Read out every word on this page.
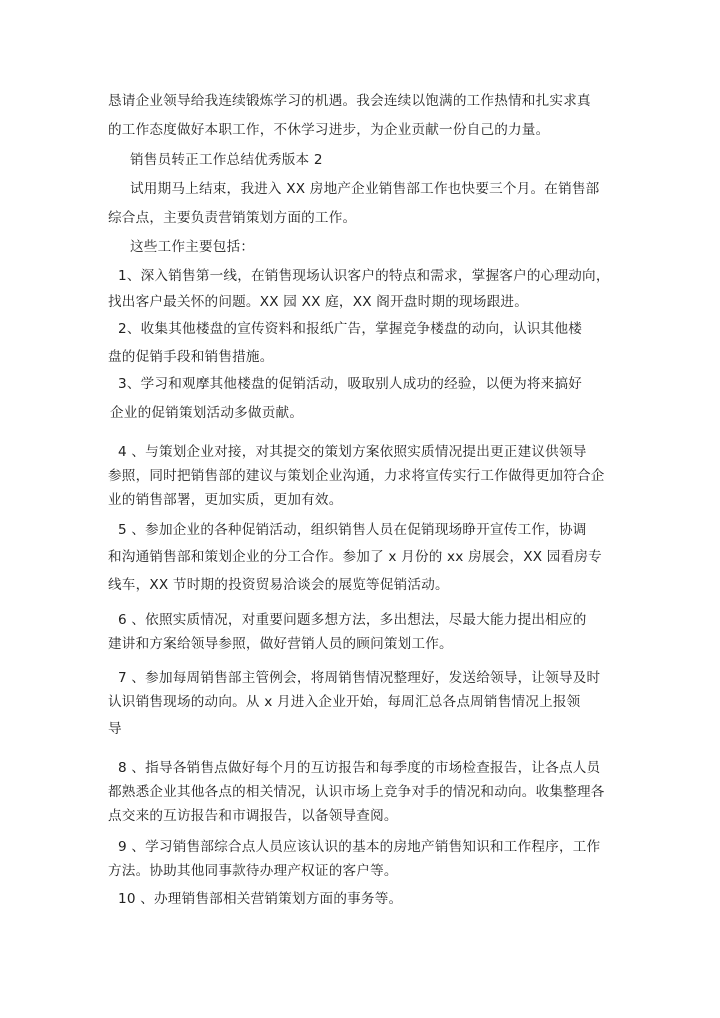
恳请企业领导给我连续锻炼学习的机遇。我会连续以饱满的工作热情和扎实求真
的工作态度做好本职工作，不休学习进步，为企业贡献一份自己的力量。
销售员转正工作总结优秀版本 2
试用期马上结束，我进入 XX 房地产企业销售部工作也快要三个月。在销售部
综合点，主要负责营销策划方面的工作。
这些工作主要包括：
1、深入销售第一线，在销售现场认识客户的特点和需求，掌握客户的心理动向，
找出客户最关怀的问题。XX 园 XX 庭，XX 阁开盘时期的现场跟进。
2、收集其他楼盘的宣传资料和报纸广告，掌握竞争楼盘的动向，认识其他楼
盘的促销手段和销售措施。
3、学习和观摩其他楼盘的促销活动，吸取别人成功的经验，以便为将来搞好
企业的促销策划活动多做贡献。
4 、与策划企业对接，对其提交的策划方案依照实质情况提出更正建议供领导
参照，同时把销售部的建议与策划企业沟通，力求将宣传实行工作做得更加符合企
业的销售部署，更加实质，更加有效。
5 、参加企业的各种促销活动，组织销售人员在促销现场睁开宣传工作，协调
和沟通销售部和策划企业的分工合作。参加了 x 月份的 xx 房展会，XX 园看房专
线车，XX 节时期的投资贸易洽谈会的展览等促销活动。
6 、依照实质情况，对重要问题多想方法，多出想法，尽最大能力提出相应的
建讲和方案给领导参照，做好营销人员的顾问策划工作。
7 、参加每周销售部主管例会，将周销售情况整理好，发送给领导，让领导及时
认识销售现场的动向。从 x 月进入企业开始，每周汇总各点周销售情况上报领
导
8 、指导各销售点做好每个月的互访报告和每季度的市场检查报告，让各点人员
都熟悉企业其他各点的相关情况，认识市场上竞争对手的情况和动向。收集整理各
点交来的互访报告和市调报告，以备领导查阅。
9 、学习销售部综合点人员应该认识的基本的房地产销售知识和工作程序，工作
方法。协助其他同事款待办理产权证的客户等。
10 、办理销售部相关营销策划方面的事务等。
